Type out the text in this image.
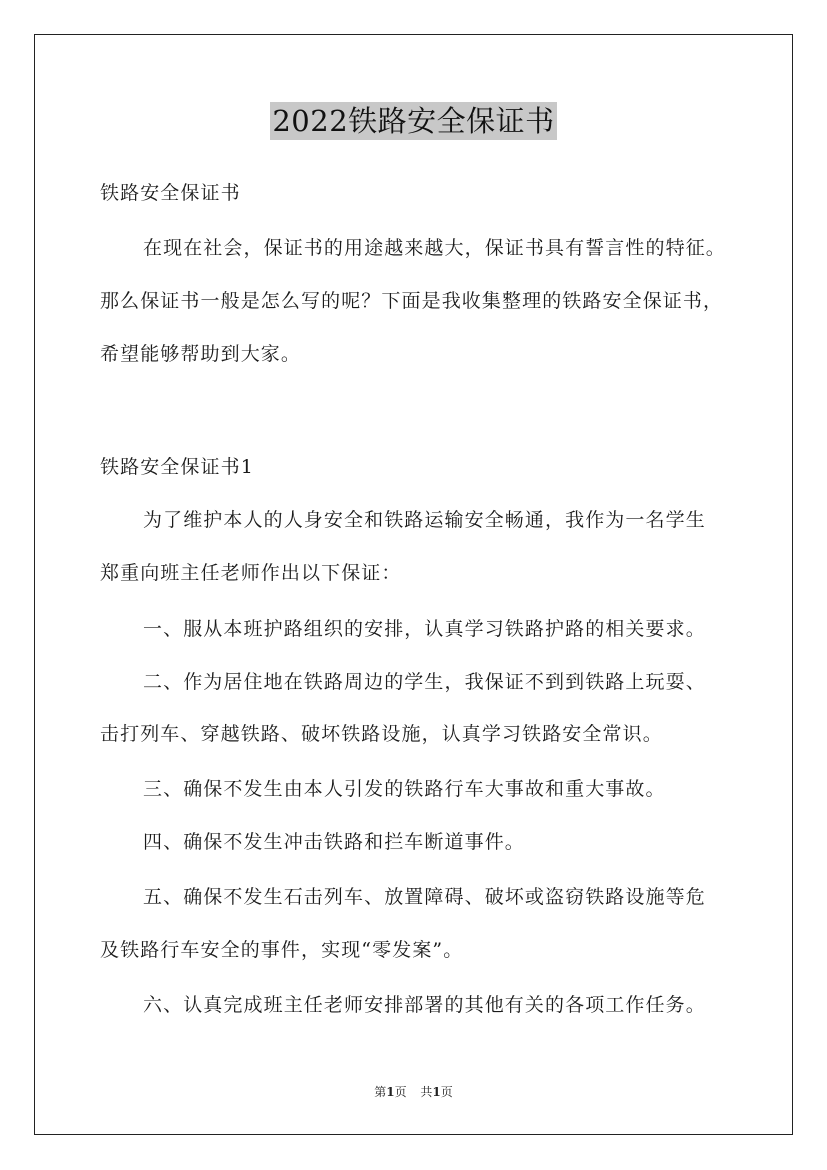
2022铁路安全保证书
铁路安全保证书
在现在社会，保证书的用途越来越大，保证书具有誓言性的特征。
那么保证书一般是怎么写的呢？下面是我收集整理的铁路安全保证书，
希望能够帮助到大家。
铁路安全保证书1
为了维护本人的人身安全和铁路运输安全畅通，我作为一名学生
郑重向班主任老师作出以下保证：
一、服从本班护路组织的安排，认真学习铁路护路的相关要求。
二、作为居住地在铁路周边的学生，我保证不到到铁路上玩耍、
击打列车、穿越铁路、破坏铁路设施，认真学习铁路安全常识。
三、确保不发生由本人引发的铁路行车大事故和重大事故。
四、确保不发生冲击铁路和拦车断道事件。
五、确保不发生石击列车、放置障碍、破坏或盗窃铁路设施等危
及铁路行车安全的事件，实现“零发案”。
六、认真完成班主任老师安排部署的其他有关的各项工作任务。
第1页 共1页
